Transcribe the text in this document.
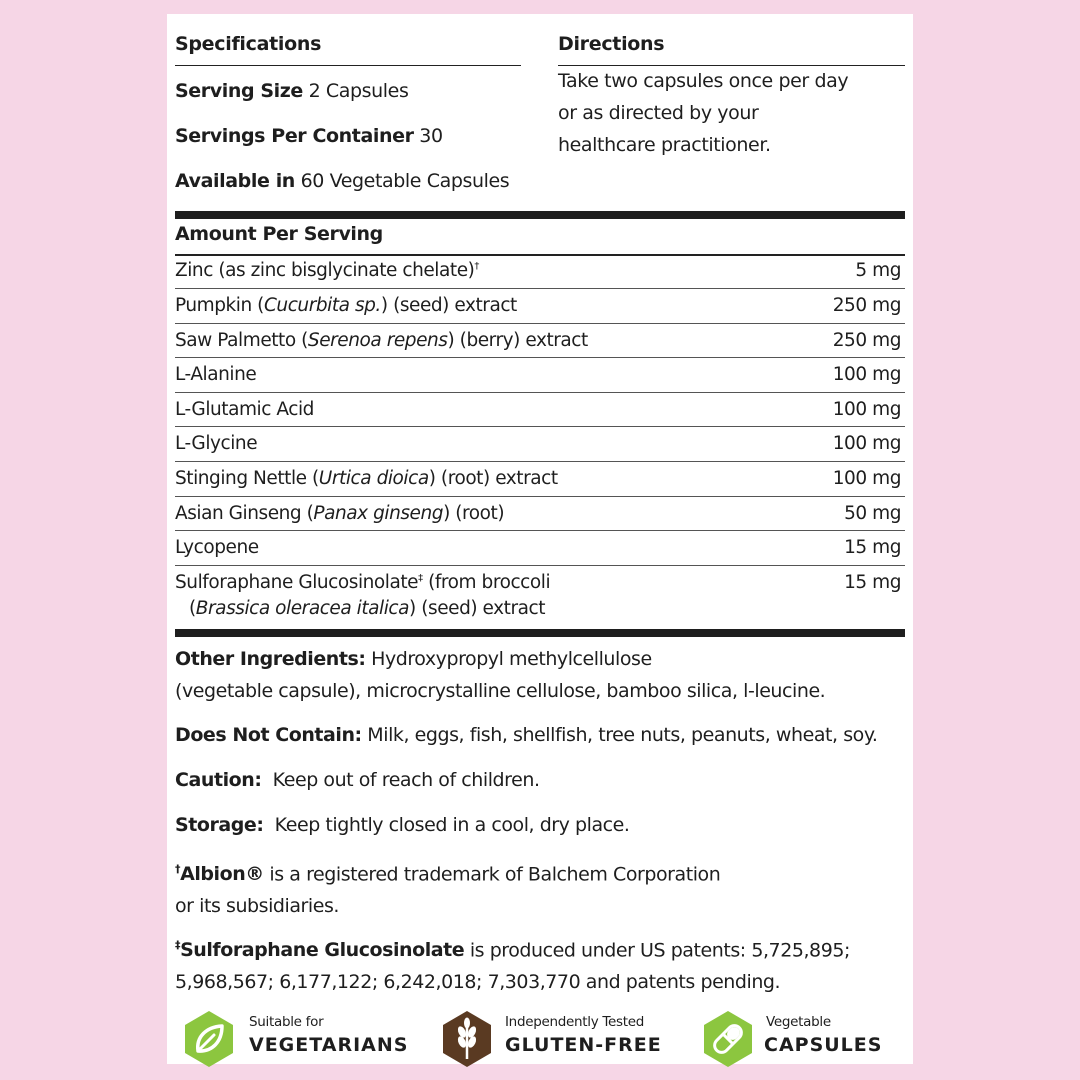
Specifications
Serving Size 2 Capsules
Servings Per Container 30
Available in 60 Vegetable Capsules
Directions
Take two capsules once per day or as directed by your healthcare practitioner.
Amount Per Serving
Zinc (as zinc bisglycinate chelate)†	5 mg
Pumpkin (Cucurbita sp.) (seed) extract	250 mg
Saw Palmetto (Serenoa repens) (berry) extract	250 mg
L-Alanine	100 mg
L-Glutamic Acid	100 mg
L-Glycine	100 mg
Stinging Nettle (Urtica dioica) (root) extract	100 mg
Asian Ginseng (Panax ginseng) (root)	50 mg
Lycopene	15 mg
Sulforaphane Glucosinolate‡ (from broccoli
(Brassica oleracea italica) (seed) extract	15 mg
Other Ingredients: Hydroxypropyl methylcellulose
(vegetable capsule), microcrystalline cellulose, bamboo silica, l-leucine.
Does Not Contain: Milk, eggs, fish, shellfish, tree nuts, peanuts, wheat, soy.
Caution:  Keep out of reach of children.
Storage:  Keep tightly closed in a cool, dry place.
†Albion® is a registered trademark of Balchem Corporation
or its subsidiaries.
‡Sulforaphane Glucosinolate is produced under US patents: 5,725,895;
5,968,567; 6,177,122; 6,242,018; 7,303,770 and patents pending.
Suitable for
VEGETARIANS
Independently Tested
GLUTEN-FREE
Vegetable
CAPSULES
